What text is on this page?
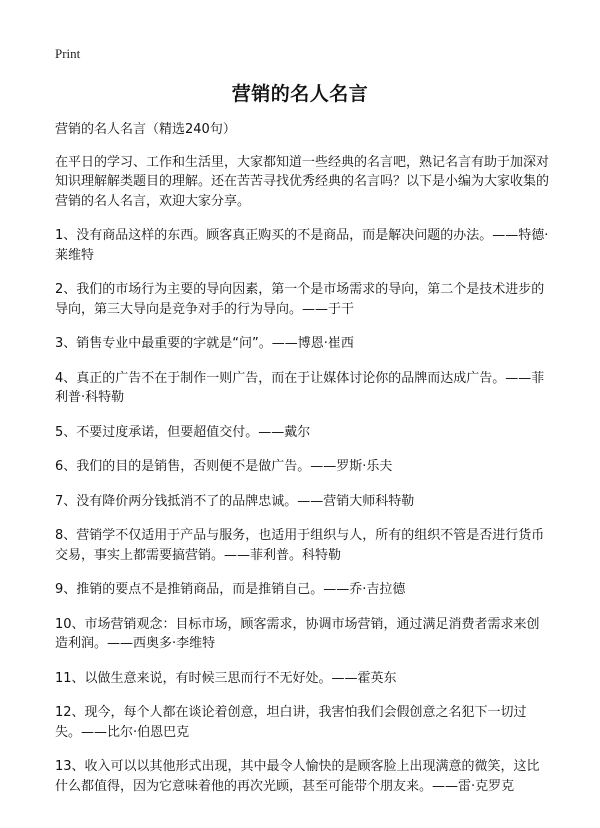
Print
营销的名人名言

营销的名人名言（精选240句）

在平日的学习、工作和生活里，大家都知道一些经典的名言吧，熟记名言有助于加深对知识理解解类题目的理解。还在苦苦寻找优秀经典的名言吗？以下是小编为大家收集的营销的名人名言，欢迎大家分享。

1、没有商品这样的东西。顾客真正购买的不是商品，而是解决问题的办法。——特德·莱维特

2、我们的市场行为主要的导向因素，第一个是市场需求的导向，第二个是技术进步的导向，第三大导向是竞争对手的行为导向。——于干

3、销售专业中最重要的字就是“问”。——博恩·崔西

4、真正的广告不在于制作一则广告，而在于让媒体讨论你的品牌而达成广告。——菲利普·科特勒

5、不要过度承诺，但要超值交付。——戴尔

6、我们的目的是销售，否则便不是做广告。——罗斯·乐夫

7、没有降价两分钱抵消不了的品牌忠诚。——营销大师科特勒

8、营销学不仅适用于产品与服务，也适用于组织与人，所有的组织不管是否进行货币交易，事实上都需要搞营销。——菲利普。科特勒

9、推销的要点不是推销商品，而是推销自己。——乔·吉拉德

10、市场营销观念：目标市场，顾客需求，协调市场营销，通过满足消费者需求来创造利润。——西奥多·李维特

11、以做生意来说，有时候三思而行不无好处。——霍英东

12、现今，每个人都在谈论着创意，坦白讲，我害怕我们会假创意之名犯下一切过失。——比尔·伯恩巴克

13、收入可以以其他形式出现，其中最令人愉快的是顾客脸上出现满意的微笑，这比什么都值得，因为它意味着他的再次光顾，甚至可能带个朋友来。——雷·克罗克
